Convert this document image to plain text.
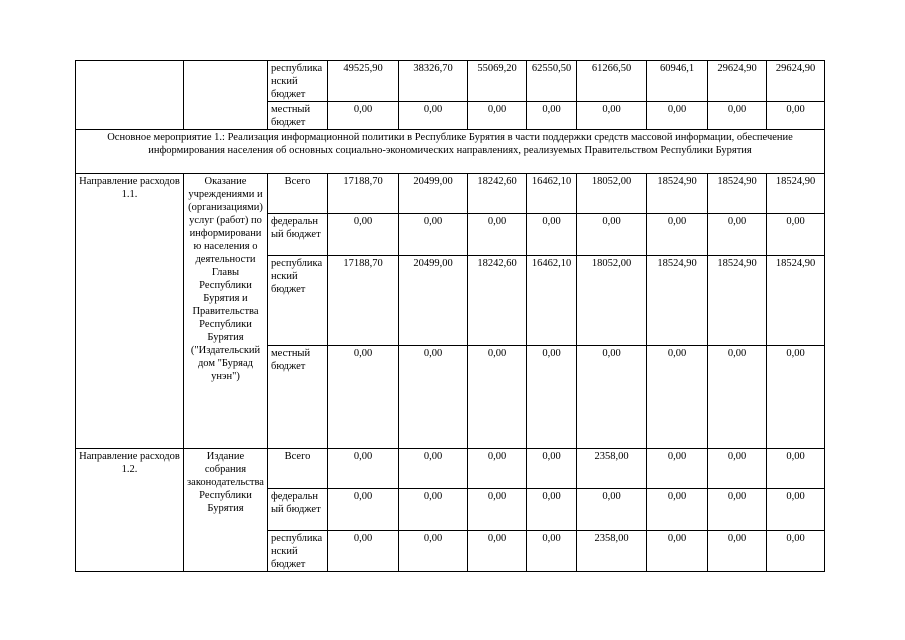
		республиканский бюджет	49525,90	38326,70	55069,20	62550,50	61266,50	60946,1	29624,90	29624,90
		местный бюджет	0,00	0,00	0,00	0,00	0,00	0,00	0,00	0,00
Основное мероприятие 1.: Реализация информационной политики в Республике Бурятия в части поддержки средств массовой информации, обеспечение информирования населения об основных социально-экономических направлениях, реализуемых Правительством Республики Бурятия										
Направление расходов 1.1.	Оказание учреждениями и (организациями) услуг (работ) по информированию населения о деятельности Главы Республики Бурятия и Правительства Республики Бурятия ("Издательский дом "Буряад унэн")	Всего	17188,70	20499,00	18242,60	16462,10	18052,00	18524,90	18524,90	18524,90
		федеральный бюджет	0,00	0,00	0,00	0,00	0,00	0,00	0,00	0,00
		республиканский бюджет	17188,70	20499,00	18242,60	16462,10	18052,00	18524,90	18524,90	18524,90
		местный бюджет	0,00	0,00	0,00	0,00	0,00	0,00	0,00	0,00
Направление расходов 1.2.	Издание собрания законодательства Республики Бурятия	Всего	0,00	0,00	0,00	0,00	2358,00	0,00	0,00	0,00
		федеральный бюджет	0,00	0,00	0,00	0,00	0,00	0,00	0,00	0,00
		республиканский бюджет	0,00	0,00	0,00	0,00	2358,00	0,00	0,00	0,00
